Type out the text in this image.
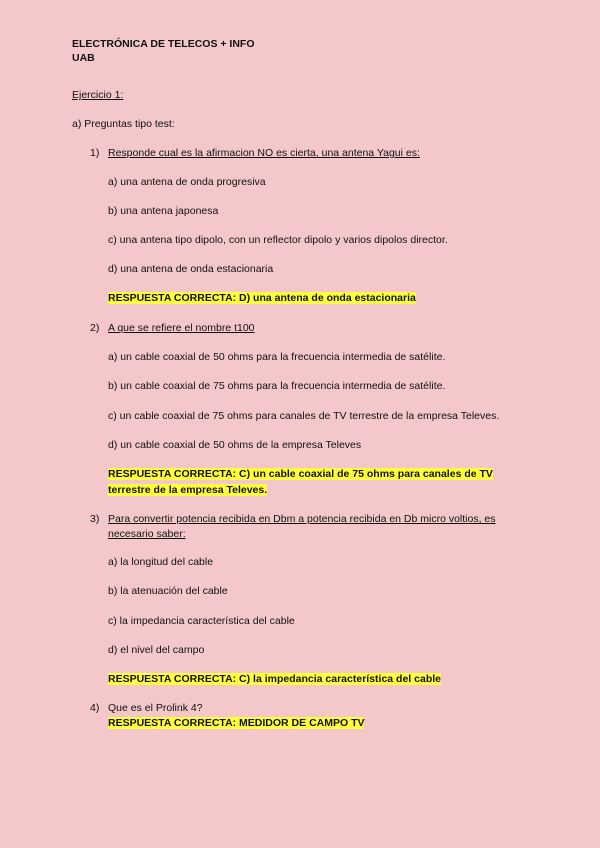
ELECTRÓNICA DE TELECOS + INFO
UAB
Ejercicio 1:
a) Preguntas tipo test:
1) Responde cual es la afirmacion NO es cierta, una antena Yagui es:
a) una antena de onda progresiva
b) una antena japonesa
c) una antena tipo dipolo, con un reflector dipolo y varios dipolos director.
d) una antena de onda estacionaria
RESPUESTA CORRECTA: D) una antena de onda estacionaria
2) A que se refiere el nombre t100
a) un cable coaxial de 50 ohms para la frecuencia intermedia de satélite.
b) un cable coaxial de 75 ohms para la frecuencia intermedia de satélite.
c) un cable coaxial de 75 ohms para canales de TV terrestre de la empresa Televes.
d) un cable coaxial de 50 ohms de la empresa Televes
RESPUESTA CORRECTA: C) un cable coaxial de 75 ohms para canales de TV
terrestre de la empresa Televes.
3) Para convertir potencia recibida en Dbm a potencia recibida en Db micro voltios, es
necesario saber:
a) la longitud del cable
b) la atenuación del cable
c) la impedancia característica del cable
d) el nivel del campo
RESPUESTA CORRECTA: C) la impedancia característica del cable
4) Que es el Prolink 4?
RESPUESTA CORRECTA: MEDIDOR DE CAMPO TV
